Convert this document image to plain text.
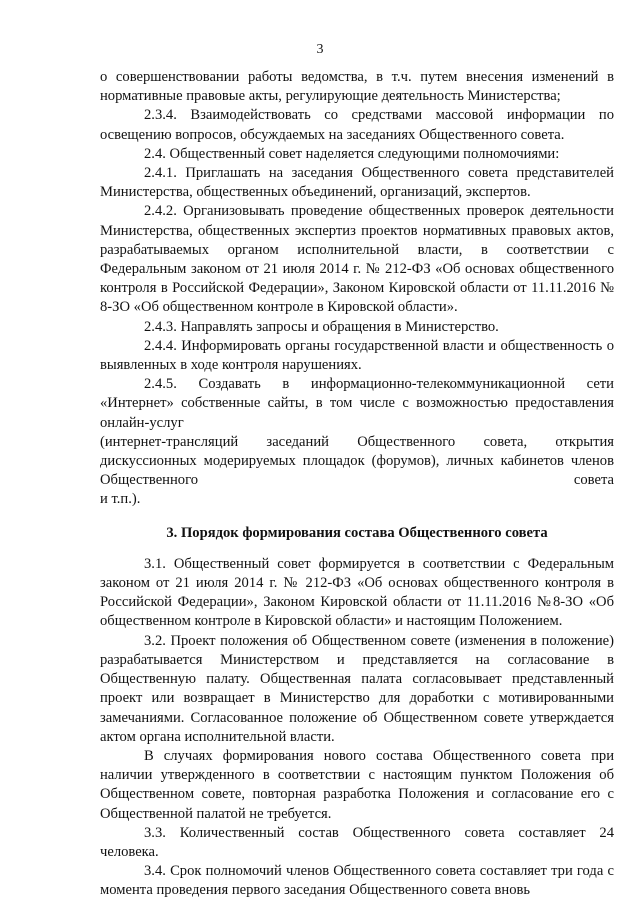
3

о совершенствовании работы ведомства, в т.ч. путем внесения изменений в нормативные правовые акты, регулирующие деятельность Министерства;

2.3.4. Взаимодействовать со средствами массовой информации по освещению вопросов, обсуждаемых на заседаниях Общественного совета.

2.4. Общественный совет наделяется следующими полномочиями:

2.4.1. Приглашать на заседания Общественного совета представителей Министерства, общественных объединений, организаций, экспертов.

2.4.2. Организовывать проведение общественных проверок деятельности Министерства, общественных экспертиз проектов нормативных правовых актов, разрабатываемых органом исполнительной власти, в соответствии с Федеральным законом от 21 июля 2014 г. № 212-ФЗ «Об основах общественного контроля в Российской Федерации», Законом Кировской области от 11.11.2016 № 8-ЗО «Об общественном контроле в Кировской области».

2.4.3. Направлять запросы и обращения в Министерство.

2.4.4. Информировать органы государственной власти и общественность о выявленных в ходе контроля нарушениях.

2.4.5. Создавать в информационно-телекоммуникационной сети «Интернет» собственные сайты, в том числе с возможностью предоставления онлайн-услуг

(интернет-трансляций заседаний Общественного совета, открытия дискуссионных модерируемых площадок (форумов), личных кабинетов членов Общественного совета

и т.п.).

3. Порядок формирования состава Общественного совета

3.1. Общественный совет формируется в соответствии с Федеральным законом от 21 июля 2014 г. № 212-ФЗ «Об основах общественного контроля в Российской Федерации», Законом Кировской области от 11.11.2016 №8-ЗО «Об общественном контроле в Кировской области» и настоящим Положением.

3.2. Проект положения об Общественном совете (изменения в положение) разрабатывается Министерством и представляется на согласование в Общественную палату. Общественная палата согласовывает представленный проект или возвращает в Министерство для доработки с мотивированными замечаниями. Согласованное положение об Общественном совете утверждается актом органа исполнительной власти.

В случаях формирования нового состава Общественного совета при наличии утвержденного в соответствии с настоящим пунктом Положения об Общественном совете, повторная разработка Положения и согласование его с Общественной палатой не требуется.

3.3. Количественный состав Общественного совета составляет 24 человека.

3.4. Срок полномочий членов Общественного совета составляет три года с момента проведения первого заседания Общественного совета вновь
